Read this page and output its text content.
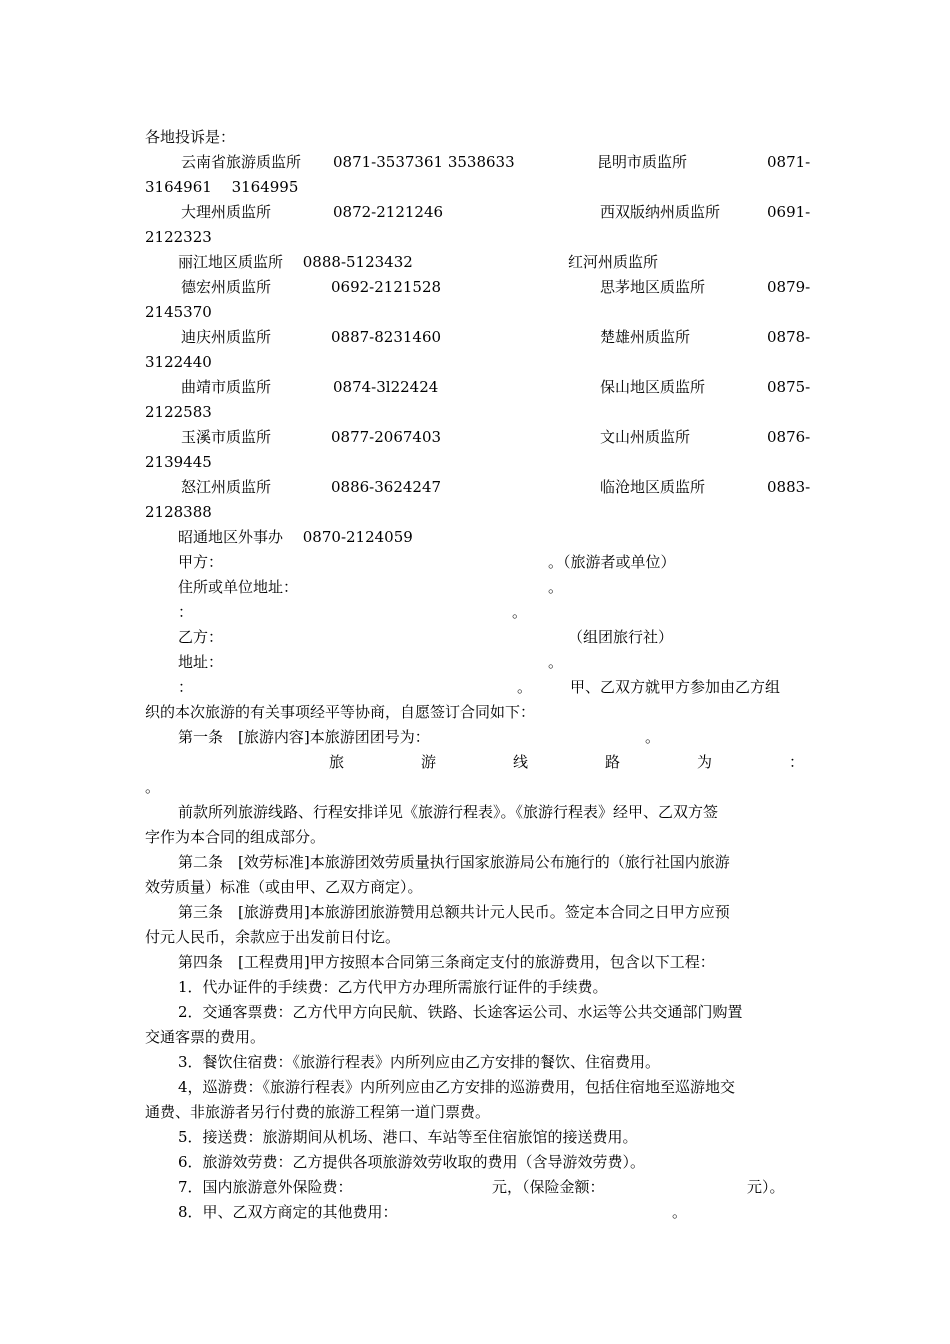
各地投诉是：
云南省旅游质监所 0871-3537361 3538633	昆明市质监所	0871-
3164961　 3164995
大理州质监所	0872-2121246	西双版纳州质监所	0691-
2122323
丽江地区质监所　 0888-5123432	红河州质监所
德宏州质监所	0692-2121528	思茅地区质监所	0879-
2145370
迪庆州质监所	0887-8231460	楚雄州质监所	0878-
3122440
曲靖市质监所	0874-3l22424	保山地区质监所	0875-
2122583
玉溪市质监所	0877-2067403	文山州质监所	0876-
2139445
怒江州质监所	0886-3624247	临沧地区质监所	0883-
2128388
昭通地区外事办　 0870-2124059
甲方：	。（旅游者或单位）
住所或单位地址：	。
：	。
乙方：	（组团旅行社）
地址：	。
：	。	甲、乙双方就甲方参加由乙方组
织的本次旅游的有关事项经平等协商，自愿签订合同如下：
第一条　[旅游内容]本旅游团团号为：	。
旅	游	线	路	为	：
。
前款所列旅游线路、行程安排详见《旅游行程表》。《旅游行程表》经甲、乙双方签
字作为本合同的组成部分。
第二条　[效劳标准]本旅游团效劳质量执行国家旅游局公布施行的（旅行社国内旅游
效劳质量）标准（或由甲、乙双方商定）。
第三条　[旅游费用]本旅游团旅游赞用总额共计元人民币。签定本合同之日甲方应预
付元人民币，余款应于出发前日付讫。
第四条　[工程费用]甲方按照本合同第三条商定支付的旅游费用，包含以下工程：
1．代办证件的手续费：乙方代甲方办理所需旅行证件的手续费。
2．交通客票费：乙方代甲方向民航、铁路、长途客运公司、水运等公共交通部门购置
交通客票的费用。
3．餐饮住宿费：《旅游行程表》内所列应由乙方安排的餐饮、住宿费用。
4，巡游费：《旅游行程表》内所列应由乙方安排的巡游费用，包括住宿地至巡游地交
通费、非旅游者另行付费的旅游工程第一道门票费。
5．接送费：旅游期间从机场、港口、车站等至住宿旅馆的接送费用。
6．旅游效劳费：乙方提供各项旅游效劳收取的费用（含导游效劳费）。
7．国内旅游意外保险费：	元，（保险金额：	元）。
8．甲、乙双方商定的其他费用：	。
